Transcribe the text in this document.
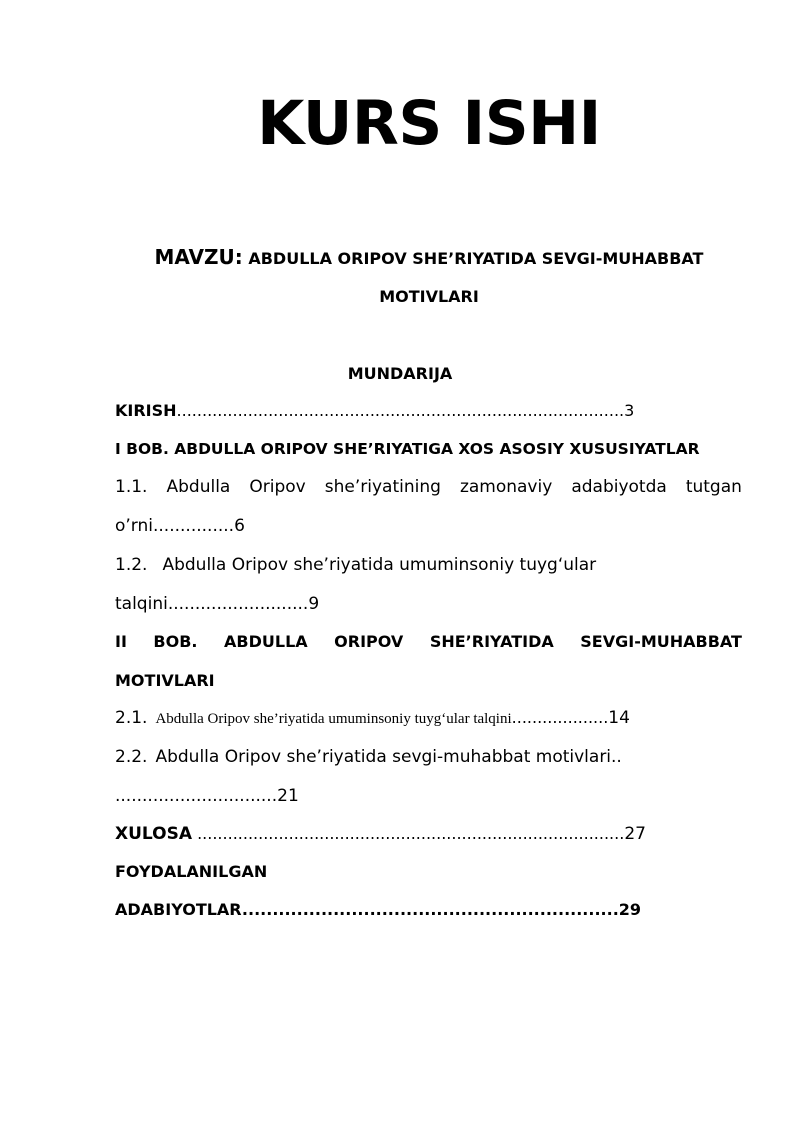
KURS ISHI
MAVZU: ABDULLA ORIPOV SHE’RIYATIDA SEVGI-MUHABBAT
MOTIVLARI
MUNDARIJA
KIRISH........................................................................................3
I BOB. ABDULLA ORIPOV SHE’RIYATIGA XOS ASOSIY XUSUSIYATLAR
1.1. Abdulla Oripov she’riyatining zamonaviy adabiyotda tutgan
o’rni...............6
1.2. Abdulla Oripov she’riyatida umuminsoniy tuyg‘ular
talqini..........................9
II BOB. ABDULLA ORIPOV SHE’RIYATIDA SEVGI-MUHABBAT
MOTIVLARI
2.1. Abdulla Oripov she’riyatida umuminsoniy tuyg‘ular talqini...................14
2.2. Abdulla Oripov she’riyatida sevgi-muhabbat motivlari..
..............................21
XULOSA ....................................................................................27
FOYDALANILGAN
ADABIYOTLAR..............................................................29
